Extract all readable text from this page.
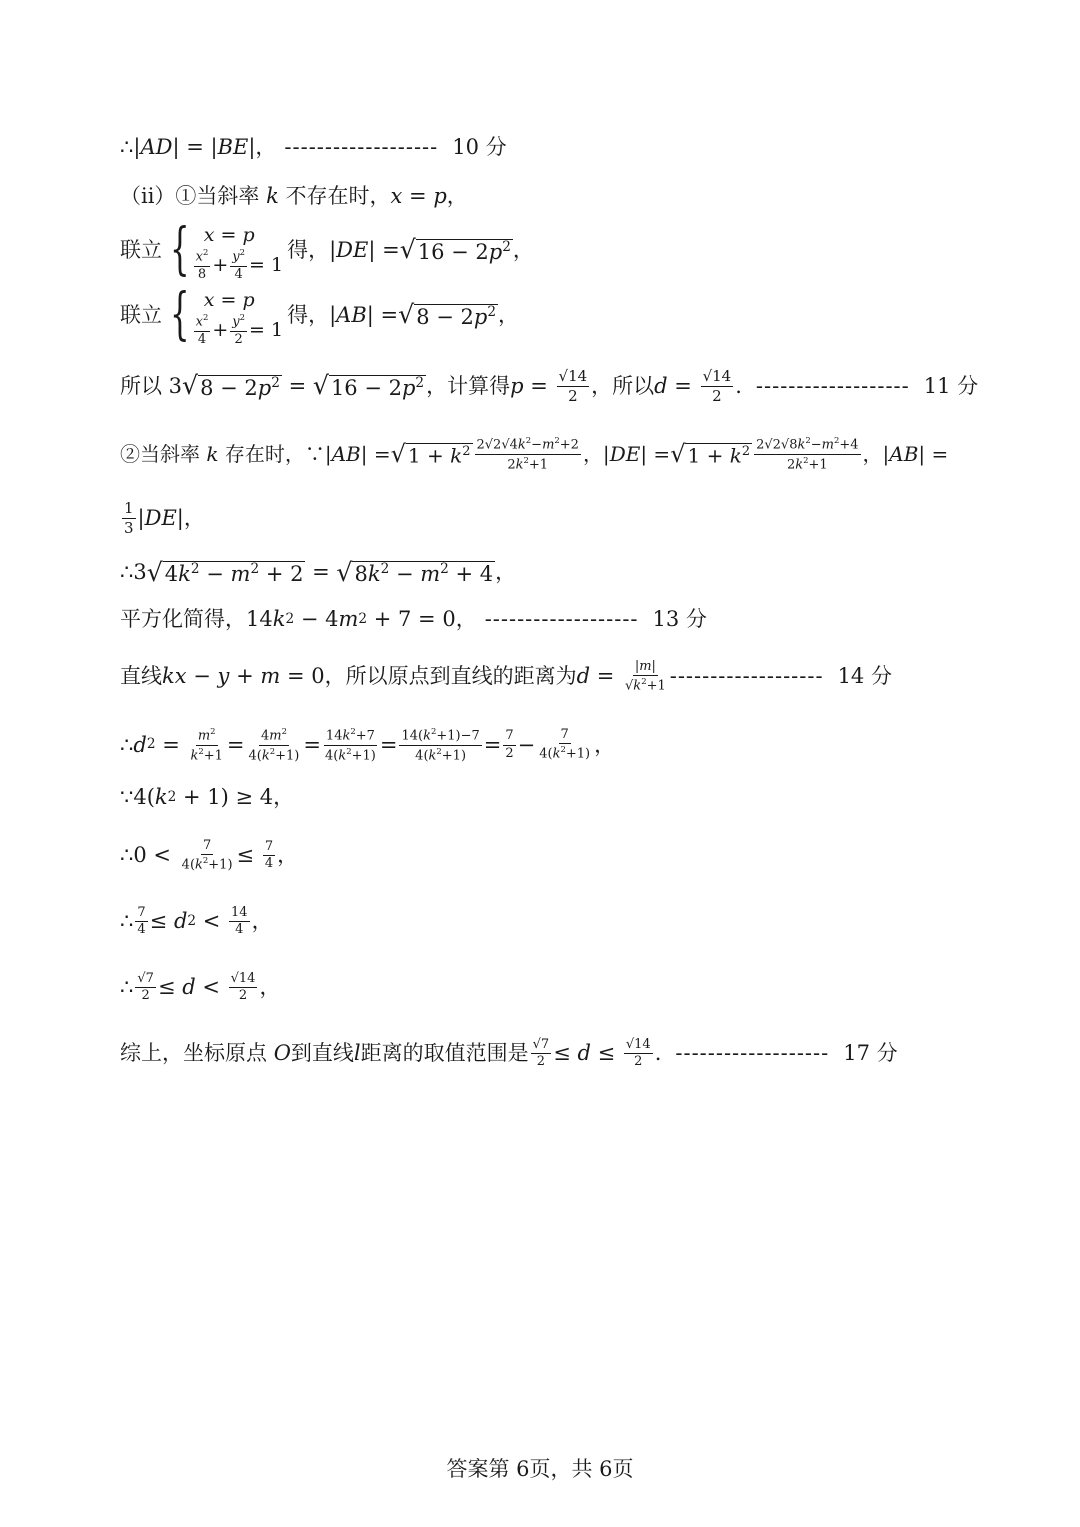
∴| AD | = | BE |， ------------------- 10 分
（ii）①当斜率 k 不存在时， x = p ，
联立 { x = p
$\frac{x^2}{8} + \frac{y^2}{4} = 1$
得，| DE | = √ $16 - 2p^2$ ，
联立 { x = p
$\frac{x^2}{4} + \frac{y^2}{2} = 1$
得，| AB | = √ $8 - 2p^2$ ，
所以 3 √ $8 - 2p^2$ = √ $16 - 2p^2$ ，计算得 $p = \frac{√14}{2}$ ，所以 $d = \frac{√14}{2}$ . ------------------- 11 分
②当斜率 k 存在时，∵| AB | = √ $1 + k^2 \frac{2√2√4k^2-m^2+2}{2k^2+1}$ ，| DE | = √ $1 + k^2 \frac{2√2√8k^2-m^2+4}{2k^2+1}$ ，| AB | =
$\frac{1}{3}$ | DE |，
∴3 √ $4k^2 - m^2 + 2$ = √ $8k^2 - m^2 + 4$ ，
平方化简得，14 k 2 − 4 m 2 + 7 = 0， ------------------- 13 分
直线 kx − y + m = 0，所以原点到直线的距离为 $d = \frac{|m|}{√k^2+1}$ ------------------- 14 分
∴ d $2 = \frac{m^2}{k^2+1} = \frac{4m^2}{4(k^2+1)} = \frac{14k^2+7}{4(k^2+1)} = \frac{14(k^2+1)-7}{4(k^2+1)} = \frac{7}{2} - \frac{7}{4(k^2+1)}$ ，
∵4( k 2 + 1) ≥ 4，
∴0 < $\frac{7}{4(k^2+1)} \le \frac{7}{4}$ ，
∴ $\frac{7}{4} \le d$ $2 < \frac{14}{4}$ ，
∴ $\frac{√7}{2} \le d < \frac{√14}{2}$ ，
综上，坐标原点 O 到直线 l 距离的取值范围是 $\frac{√7}{2} \le d \le \frac{√14}{2}$ . ------------------- 17 分
答案第 6页，共 6页
